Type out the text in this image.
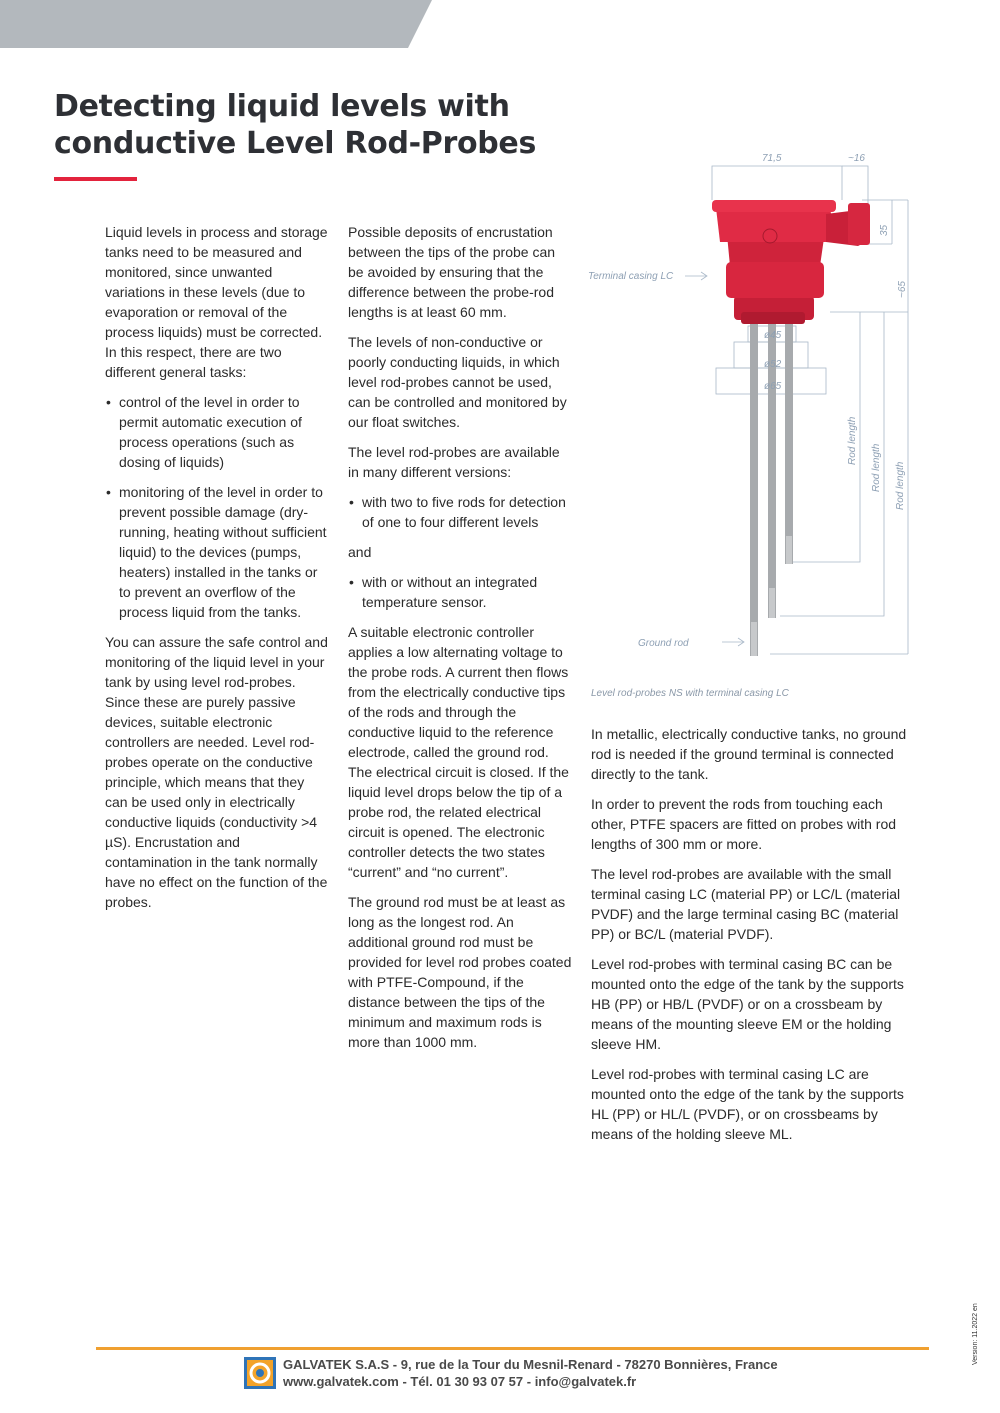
Detecting liquid levels with
conductive Level Rod-Probes

Liquid levels in process and storage tanks need to be measured and monitored, since unwanted variations in these levels (due to evaporation or removal of the process liquids) must be corrected. In this respect, there are two different general tasks:

• control of the level in order to permit automatic execution of process operations (such as dosing of liquids)
• monitoring of the level in order to prevent possible damage (dry-running, heating without sufficient liquid) to the devices (pumps, heaters) installed in the tanks or to prevent an overflow of the process liquid from the tanks.

You can assure the safe control and monitoring of the liquid level in your tank by using level rod-probes. Since these are purely passive devices, suitable electronic controllers are needed. Level rod-probes operate on the conductive principle, which means that they can be used only in electrically conductive liquids (conductivity >4 µS). Encrustation and contamination in the tank normally have no effect on the function of the probes.

Possible deposits of encrustation between the tips of the probe can be avoided by ensuring that the difference between the probe-rod lengths is at least 60 mm.

The levels of non-conductive or poorly conducting liquids, in which level rod-probes cannot be used, can be controlled and monitored by our float switches.

The level rod-probes are available in many different versions:

• with two to five rods for detection of one to four different levels

and

• with or without an integrated temperature sensor.

A suitable electronic controller applies a low alternating voltage to the probe rods. A current then flows from the electrically conductive tips of the rods and through the conductive liquid to the reference electrode, called the ground rod. The electrical circuit is closed. If the liquid level drops below the tip of a probe rod, the related electrical circuit is opened. The electronic controller detects the two states “current” and “no current”.

The ground rod must be at least as long as the longest rod. An additional ground rod must be provided for level rod probes coated with PTFE-Compound, if the distance between the tips of the minimum and maximum rods is more than 1000 mm.

71,5	~16
35
~65
ø45
ø52
ø65
Rod length
Rod length Rod length
Terminal casing LC
Ground rod
Level rod-probes NS with terminal casing LC

In metallic, electrically conductive tanks, no ground rod is needed if the ground terminal is connected directly to the tank.

In order to prevent the rods from touching each other, PTFE spacers are fitted on probes with rod lengths of 300 mm or more.

The level rod-probes are available with the small terminal casing LC (material PP) or LC/L (material PVDF) and the large terminal casing BC (material PP) or BC/L (material PVDF).

Level rod-probes with terminal casing BC can be mounted onto the edge of the tank by the supports HB (PP) or HB/L (PVDF) or on a crossbeam by means of the mounting sleeve EM or the holding sleeve HM.

Level rod-probes with terminal casing LC are mounted onto the edge of the tank by the supports HL (PP) or HL/L (PVDF), or on crossbeams by means of the holding sleeve ML.

Version: 11.2022 en
GALVATEK S.A.S - 9, rue de la Tour du Mesnil-Renard - 78270 Bonnières, France
www.galvatek.com - Tél. 01 30 93 07 57 - info@galvatek.fr
